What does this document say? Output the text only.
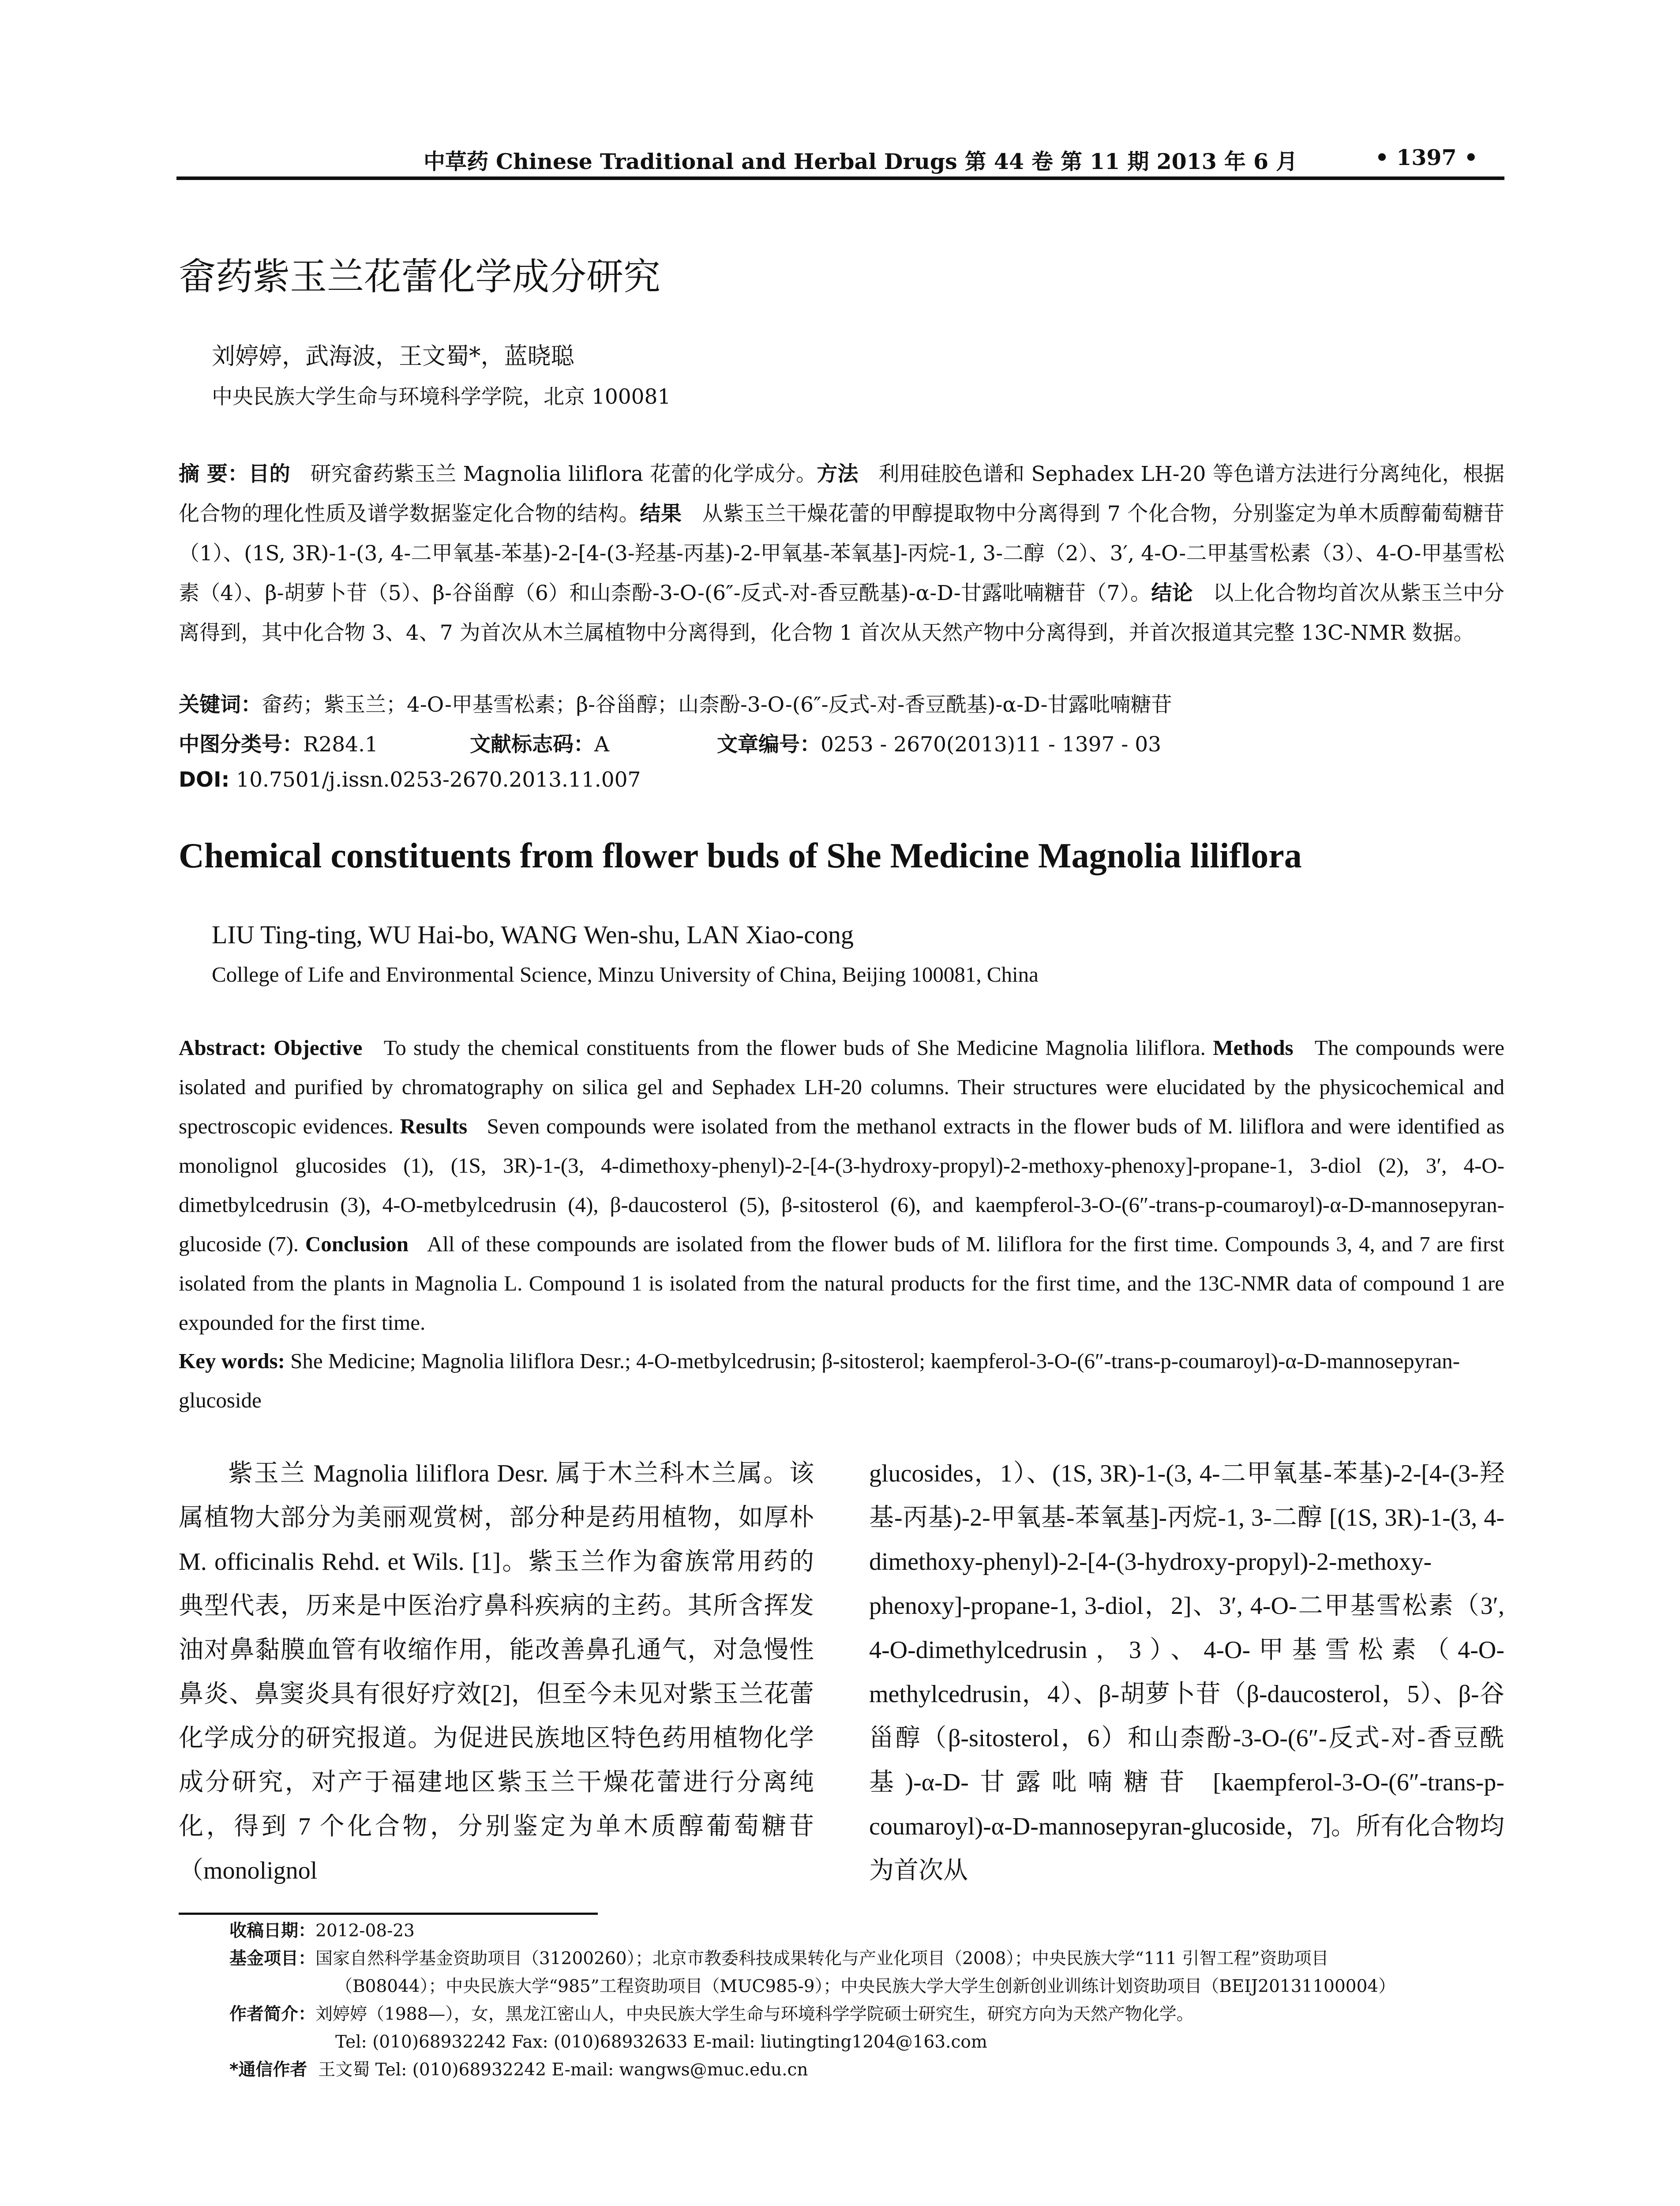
中草药 Chinese Traditional and Herbal Drugs 第 44 卷 第 11 期 2013 年 6 月	• 1397 •
畲药紫玉兰花蕾化学成分研究
刘婷婷，武海波，王文蜀*，蓝晓聪
中央民族大学生命与环境科学学院，北京 100081
摘 要：目的 研究畲药紫玉兰 Magnolia liliflora 花蕾的化学成分。方法 利用硅胶色谱和 Sephadex LH-20 等色谱方法进行分离纯化，根据化合物的理化性质及谱学数据鉴定化合物的结构。结果 从紫玉兰干燥花蕾的甲醇提取物中分离得到 7 个化合物，分别鉴定为单木质醇葡萄糖苷（1）、(1S, 3R)-1-(3, 4-二甲氧基-苯基)-2-[4-(3-羟基-丙基)-2-甲氧基-苯氧基]-丙烷-1, 3-二醇（2）、3′, 4-O-二甲基雪松素（3）、4-O-甲基雪松素（4）、β-胡萝卜苷（5）、β-谷甾醇（6）和山柰酚-3-O-(6″-反式-对-香豆酰基)-α-D-甘露吡喃糖苷（7）。结论 以上化合物均首次从紫玉兰中分离得到，其中化合物 3、4、7 为首次从木兰属植物中分离得到，化合物 1 首次从天然产物中分离得到，并首次报道其完整 13C-NMR 数据。
关键词：畲药；紫玉兰；4-O-甲基雪松素；β-谷甾醇；山柰酚-3-O-(6″-反式-对-香豆酰基)-α-D-甘露吡喃糖苷
中图分类号：R284.1	文献标志码：A	文章编号：0253 - 2670(2013)11 - 1397 - 03
DOI: 10.7501/j.issn.0253-2670.2013.11.007
Chemical constituents from flower buds of She Medicine Magnolia liliflora
LIU Ting-ting, WU Hai-bo, WANG Wen-shu, LAN Xiao-cong
College of Life and Environmental Science, Minzu University of China, Beijing 100081, China
Abstract: Objective To study the chemical constituents from the flower buds of She Medicine Magnolia liliflora. Methods The compounds were isolated and purified by chromatography on silica gel and Sephadex LH-20 columns. Their structures were elucidated by the physicochemical and spectroscopic evidences. Results Seven compounds were isolated from the methanol extracts in the flower buds of M. liliflora and were identified as monolignol glucosides (1), (1S, 3R)-1-(3, 4-dimethoxy-phenyl)-2-[4-(3-hydroxy-propyl)-2-methoxy-phenoxy]-propane-1, 3-diol (2), 3′, 4-O-dimetbylcedrusin (3), 4-O-metbylcedrusin (4), β-daucosterol (5), β-sitosterol (6), and kaempferol-3-O-(6″-trans-p-coumaroyl)-α-D-mannosepyran-glucoside (7). Conclusion All of these compounds are isolated from the flower buds of M. liliflora for the first time. Compounds 3, 4, and 7 are first isolated from the plants in Magnolia L. Compound 1 is isolated from the natural products for the first time, and the 13C-NMR data of compound 1 are expounded for the first time.
Key words: She Medicine; Magnolia liliflora Desr.; 4-O-metbylcedrusin; β-sitosterol; kaempferol-3-O-(6″-trans-p-coumaroyl)-α-D-mannosepyran-glucoside
紫玉兰 Magnolia liliflora Desr. 属于木兰科木兰属。该属植物大部分为美丽观赏树，部分种是药用植物，如厚朴 M. officinalis Rehd. et Wils. [1]。紫玉兰作为畲族常用药的典型代表，历来是中医治疗鼻科疾病的主药。其所含挥发油对鼻黏膜血管有收缩作用，能改善鼻孔通气，对急慢性鼻炎、鼻窦炎具有很好疗效[2]，但至今未见对紫玉兰花蕾化学成分的研究报道。为促进民族地区特色药用植物化学成分研究，对产于福建地区紫玉兰干燥花蕾进行分离纯化，得到 7 个化合物，分别鉴定为单木质醇葡萄糖苷（monolignol
glucosides，1）、(1S, 3R)-1-(3, 4-二甲氧基-苯基)-2-[4-(3-羟基-丙基)-2-甲氧基-苯氧基]-丙烷-1, 3-二醇 [(1S, 3R)-1-(3, 4-dimethoxy-phenyl)-2-[4-(3-hydroxy-propyl)-2-methoxy-phenoxy]-propane-1, 3-diol，2]、3′, 4-O-二甲基雪松素（3′, 4-O-dimethylcedrusin，3）、4-O-甲基雪松素（4-O-methylcedrusin，4）、β-胡萝卜苷（β-daucosterol，5）、β-谷甾醇（β-sitosterol，6）和山柰酚-3-O-(6″-反式-对-香豆酰基)-α-D-甘露吡喃糖苷 [kaempferol-3-O-(6″-trans-p-coumaroyl)-α-D-mannosepyran-glucoside，7]。所有化合物均为首次从
收稿日期：2012-08-23
基金项目：国家自然科学基金资助项目（31200260）；北京市教委科技成果转化与产业化项目（2008）；中央民族大学“111 引智工程”资助项目
（B08044）；中央民族大学“985”工程资助项目（MUC985-9）；中央民族大学大学生创新创业训练计划资助项目（BEIJ20131100004）
作者简介：刘婷婷（1988—），女，黑龙江密山人，中央民族大学生命与环境科学学院硕士研究生，研究方向为天然产物化学。
Tel: (010)68932242 Fax: (010)68932633 E-mail: liutingting1204@163.com
*通信作者 王文蜀 Tel: (010)68932242 E-mail: wangws@muc.edu.cn
